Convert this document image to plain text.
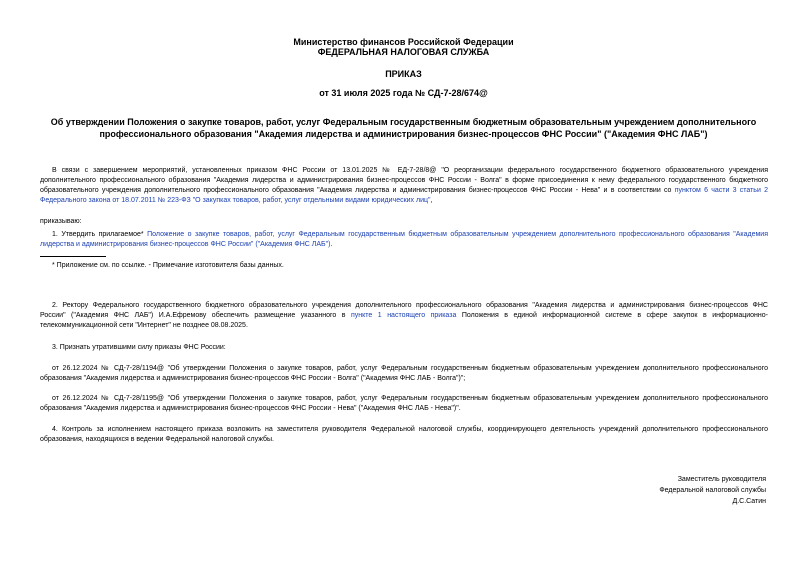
Министерство финансов Российской Федерации
ФЕДЕРАЛЬНАЯ НАЛОГОВАЯ СЛУЖБА
ПРИКАЗ
от 31 июля 2025 года № СД-7-28/674@
Об утверждении Положения о закупке товаров, работ, услуг Федеральным государственным бюджетным образовательным учреждением дополнительного
профессионального образования "Академия лидерства и администрирования бизнес-процессов ФНС России" ("Академия ФНС ЛАБ")
В связи с завершением мероприятий, установленных приказом ФНС России от 13.01.2025 № ЕД-7-28/8@ "О реорганизации федерального государственного бюджетного образовательного учреждения
дополнительного профессионального образования "Академия лидерства и администрирования бизнес-процессов ФНС России - Волга" в форме присоединения к нему федерального государственного бюджетного
образовательного учреждения дополнительного профессионального образования "Академия лидерства и администрирования бизнес-процессов ФНС России - Нева" и в соответствии со пунктом 6 части 3 статьи 2
Федерального закона от 18.07.2011 № 223-ФЗ "О закупках товаров, работ, услуг отдельными видами юридических лиц",
приказываю:
1. Утвердить прилагаемое* Положение о закупке товаров, работ, услуг Федеральным государственным бюджетным образовательным учреждением дополнительного профессионального образования "Академия
лидерства и администрирования бизнес-процессов ФНС России" ("Академия ФНС ЛАБ").
* Приложение см. по ссылке. - Примечание изготовителя базы данных.
2. Ректору Федерального государственного бюджетного образовательного учреждения дополнительного профессионального образования "Академия лидерства и администрирования бизнес-процессов ФНС
России" ("Академия ФНС ЛАБ") И.А.Ефремову обеспечить размещение указанного в пункте 1 настоящего приказа Положения в единой информационной системе в сфере закупок в информационно-
телекоммуникационной сети "Интернет" не позднее 08.08.2025.
3. Признать утратившими силу приказы ФНС России:
от 26.12.2024 № СД-7-28/1194@ "Об утверждении Положения о закупке товаров, работ, услуг Федеральным государственным бюджетным образовательным учреждением дополнительного профессионального
образования "Академия лидерства и администрирования бизнес-процессов ФНС России - Волга" ("Академия ФНС ЛАБ - Волга")";
от 26.12.2024 № СД-7-28/1195@ "Об утверждении Положения о закупке товаров, работ, услуг Федеральным государственным бюджетным образовательным учреждением дополнительного профессионального
образования "Академия лидерства и администрирования бизнес-процессов ФНС России - Нева" ("Академия ФНС ЛАБ - Нева")".
4. Контроль за исполнением настоящего приказа возложить на заместителя руководителя Федеральной налоговой службы, координирующего деятельность учреждений дополнительного профессионального
образования, находящихся в ведении Федеральной налоговой службы.
Заместитель руководителя
Федеральной налоговой службы
Д.С.Сатин
